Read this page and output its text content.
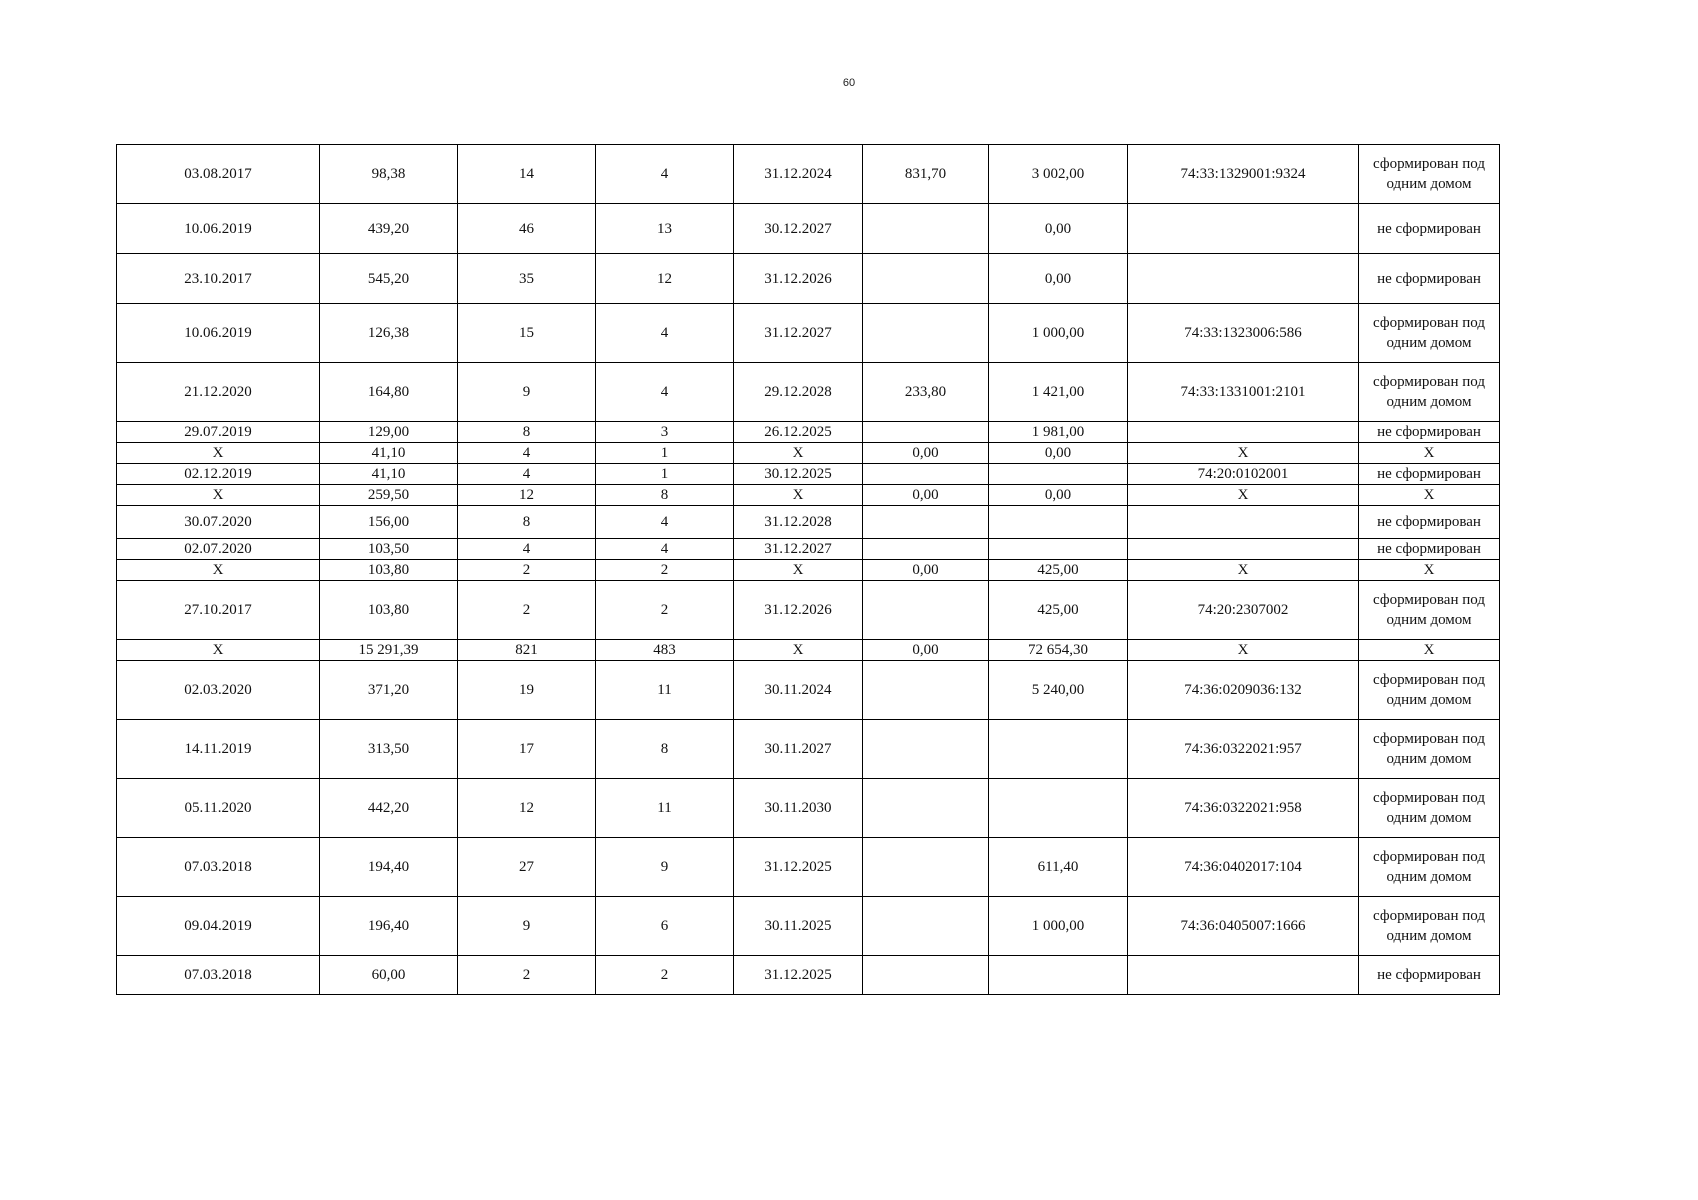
60
03.08.2017	98,38	14	4	31.12.2024	831,70	3 002,00	74:33:1329001:9324	сформирован под одним домом
10.06.2019	439,20	46	13	30.12.2027		0,00		не сформирован
23.10.2017	545,20	35	12	31.12.2026		0,00		не сформирован
10.06.2019	126,38	15	4	31.12.2027		1 000,00	74:33:1323006:586	сформирован под одним домом
21.12.2020	164,80	9	4	29.12.2028	233,80	1 421,00	74:33:1331001:2101	сформирован под одним домом
29.07.2019	129,00	8	3	26.12.2025		1 981,00		не сформирован
X	41,10	4	1	X	0,00	0,00	X	X
02.12.2019	41,10	4	1	30.12.2025			74:20:0102001	не сформирован
X	259,50	12	8	X	0,00	0,00	X	X
30.07.2020	156,00	8	4	31.12.2028				не сформирован
02.07.2020	103,50	4	4	31.12.2027				не сформирован
X	103,80	2	2	X	0,00	425,00	X	X
27.10.2017	103,80	2	2	31.12.2026		425,00	74:20:2307002	сформирован под одним домом
X	15 291,39	821	483	X	0,00	72 654,30	X	X
02.03.2020	371,20	19	11	30.11.2024		5 240,00	74:36:0209036:132	сформирован под одним домом
14.11.2019	313,50	17	8	30.11.2027			74:36:0322021:957	сформирован под одним домом
05.11.2020	442,20	12	11	30.11.2030			74:36:0322021:958	сформирован под одним домом
07.03.2018	194,40	27	9	31.12.2025		611,40	74:36:0402017:104	сформирован под одним домом
09.04.2019	196,40	9	6	30.11.2025		1 000,00	74:36:0405007:1666	сформирован под одним домом
07.03.2018	60,00	2	2	31.12.2025				не сформирован
